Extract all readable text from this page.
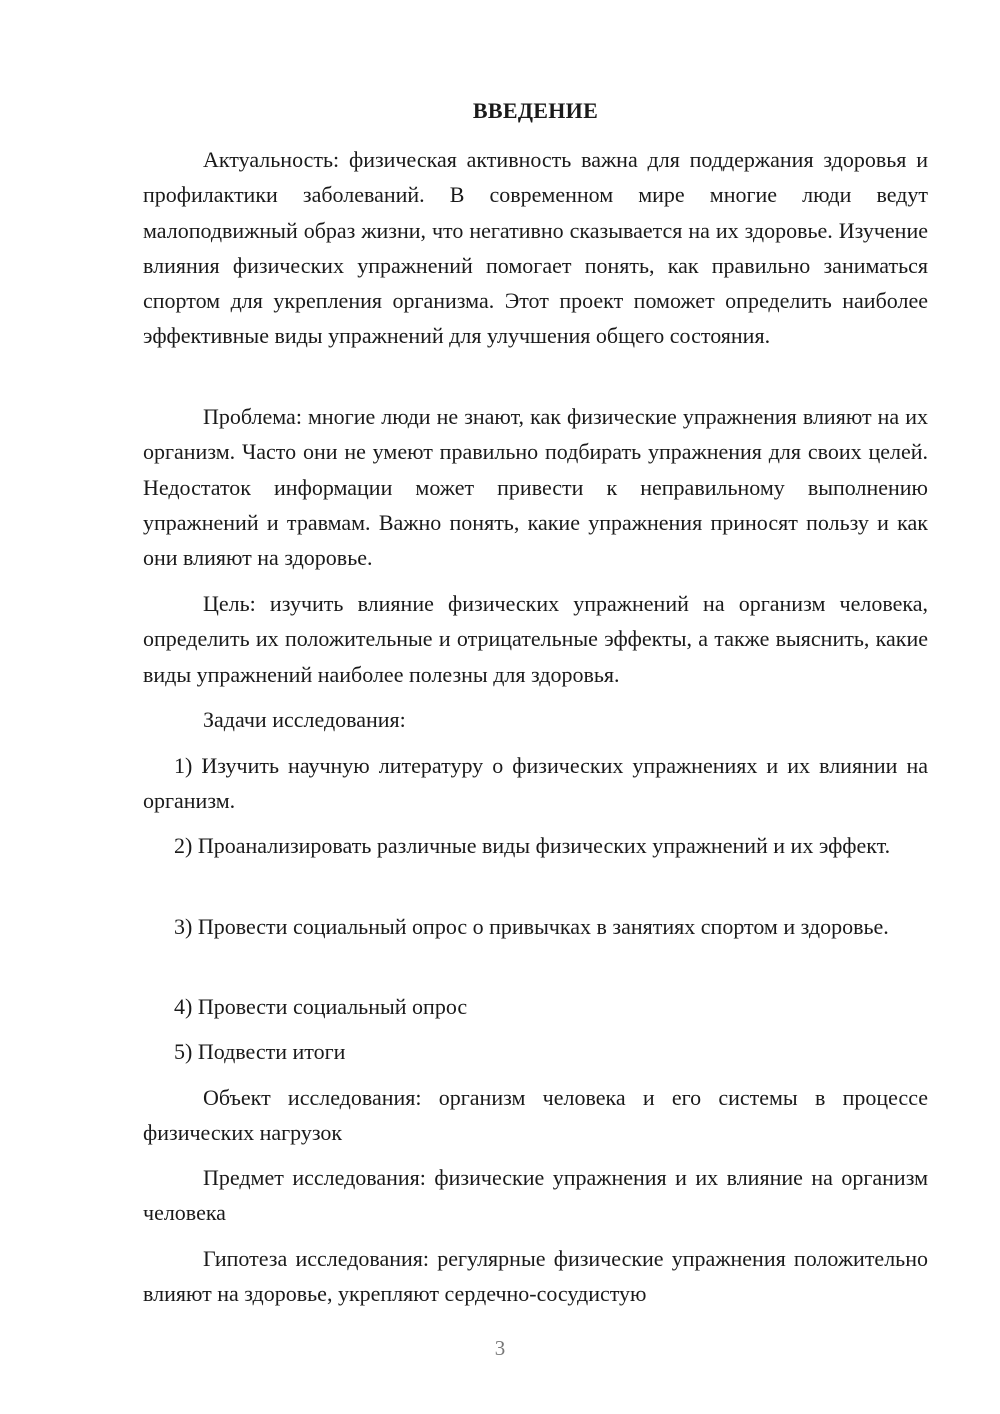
ВВЕДЕНИЕ

Актуальность: физическая активность важна для поддержания здоровья и профилактики заболеваний. В современном мире многие люди ведут малоподвижный образ жизни, что негативно сказывается на их здоровье. Изучение влияния физических упражнений помогает понять, как правильно заниматься спортом для укрепления организма. Этот проект поможет определить наиболее эффективные виды упражнений для улучшения общего состояния.

Проблема: многие люди не знают, как физические упражнения влияют на их организм. Часто они не умеют правильно подбирать упражнения для своих целей. Недостаток информации может привести к неправильному выполнению упражнений и травмам. Важно понять, какие упражнения приносят пользу и как они влияют на здоровье.

Цель: изучить влияние физических упражнений на организм человека, определить их положительные и отрицательные эффекты, а также выяснить, какие виды упражнений наиболее полезны для здоровья.

Задачи исследования:

1) Изучить научную литературу о физических упражнениях и их влиянии на организм.

2) Проанализировать различные виды физических упражнений и их эффект.

3) Провести социальный опрос о привычках в занятиях спортом и здоровье.

4) Провести социальный опрос

5) Подвести итоги

Объект исследования: организм человека и его системы в процессе физических нагрузок

Предмет исследования: физические упражнения и их влияние на организм человека

Гипотеза исследования: регулярные физические упражнения положительно влияют на здоровье, укрепляют сердечно-сосудистую

3
